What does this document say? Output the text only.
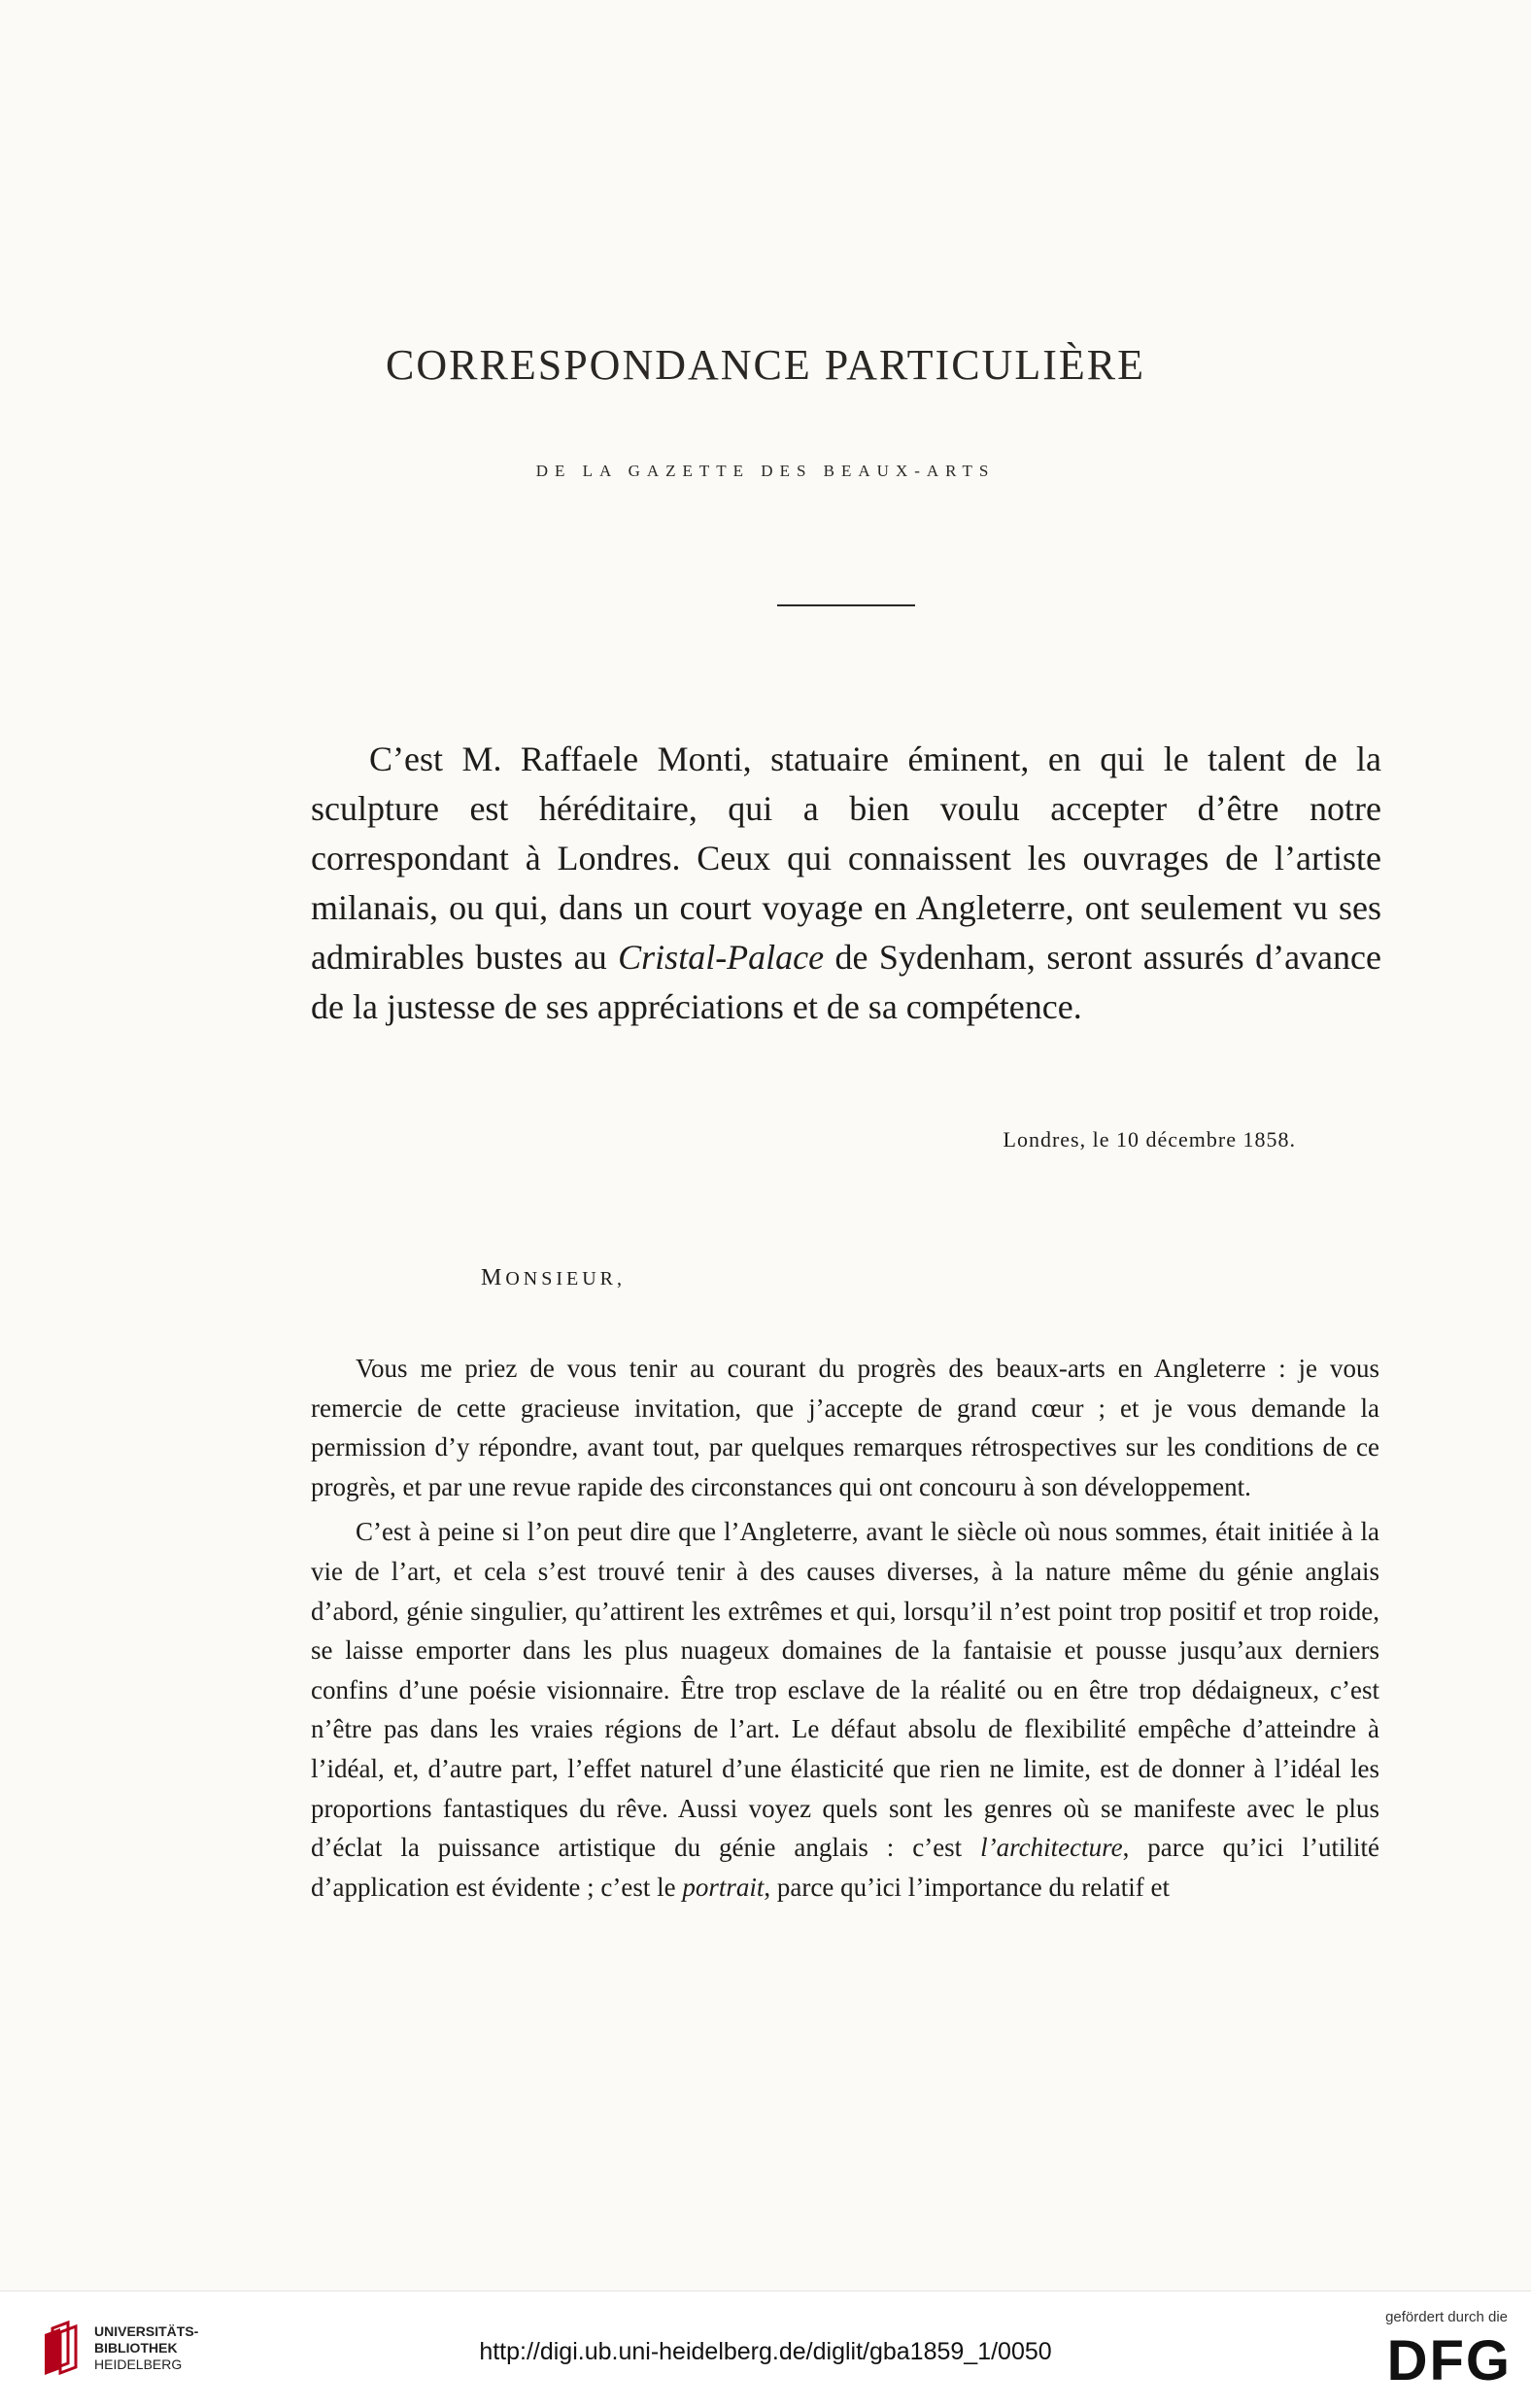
CORRESPONDANCE PARTICULIÈRE
DE LA GAZETTE DES BEAUX-ARTS

C’est M. Raffaele Monti, statuaire éminent, en qui le talent de la sculpture est héréditaire, qui a bien voulu accepter d’être notre correspondant à Londres. Ceux qui connaissent les ouvrages de l’artiste milanais, ou qui, dans un court voyage en Angleterre, ont seulement vu ses admirables bustes au Cristal-Palace de Sydenham, seront assurés d’avance de la justesse de ses appréciations et de sa compétence.

Londres, le 10 décembre 1858.
MONSIEUR,

Vous me priez de vous tenir au courant du progrès des beaux-arts en Angleterre : je vous remercie de cette gracieuse invitation, que j’accepte de grand cœur ; et je vous demande la permission d’y répondre, avant tout, par quelques remarques rétrospectives sur les conditions de ce progrès, et par une revue rapide des circonstances qui ont concouru à son développement.

C’est à peine si l’on peut dire que l’Angleterre, avant le siècle où nous sommes, était initiée à la vie de l’art, et cela s’est trouvé tenir à des causes diverses, à la nature même du génie anglais d’abord, génie singulier, qu’attirent les extrêmes et qui, lorsqu’il n’est point trop positif et trop roide, se laisse emporter dans les plus nuageux domaines de la fantaisie et pousse jusqu’aux derniers confins d’une poésie visionnaire. Être trop esclave de la réalité ou en être trop dédaigneux, c’est n’être pas dans les vraies régions de l’art. Le défaut absolu de flexibilité empêche d’atteindre à l’idéal, et, d’autre part, l’effet naturel d’une élasticité que rien ne limite, est de donner à l’idéal les proportions fantastiques du rêve. Aussi voyez quels sont les genres où se manifeste avec le plus d’éclat la puissance artistique du génie anglais : c’est l’architecture, parce qu’ici l’utilité d’application est évidente ; c’est le portrait, parce qu’ici l’importance du relatif et

UNIVERSITÄTS-
BIBLIOTHEK
HEIDELBERG	http://digi.ub.uni-heidelberg.de/diglit/gba1859_1/0050
gefördert durch die
DFG
